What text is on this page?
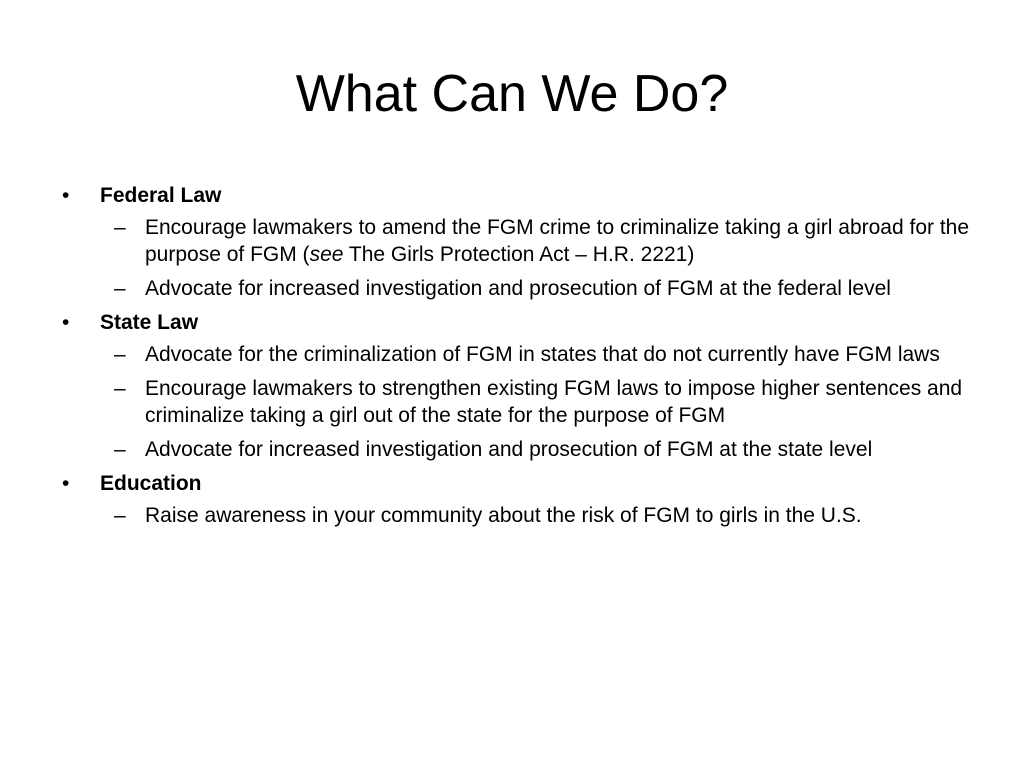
What Can We Do?
•	Federal Law
– Encourage lawmakers to amend the FGM crime to criminalize taking a girl abroad for the purpose of FGM (see The Girls Protection Act – H.R. 2221)
– Advocate for increased investigation and prosecution of FGM at the federal level
•	State Law
– Advocate for the criminalization of FGM in states that do not currently have FGM laws
– Encourage lawmakers to strengthen existing FGM laws to impose higher sentences and criminalize taking a girl out of the state for the purpose of FGM
– Advocate for increased investigation and prosecution of FGM at the state level
•	Education
– Raise awareness in your community about the risk of FGM to girls in the U.S.
